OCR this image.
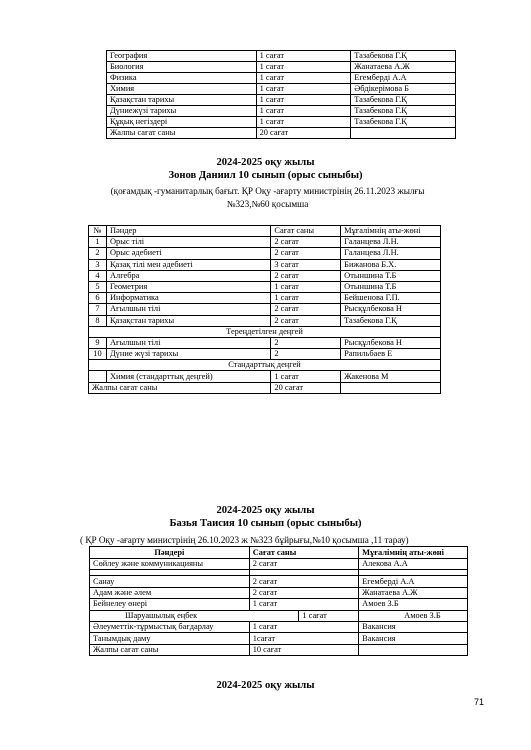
География	1 сағат	Тазабекова Г.Қ
Биология	1 сағат	Жанатаева А.Ж
Физика	1 сағат	Егембердi А.А
Химия	1 сағат	Әбдiкерiмова Б
Қазақстан тарихы	1 сағат	Тазабекова Г.Қ
Дүниежүзі тарихы	1 сағат	Тазабекова Г.Қ
Құқық негіздері	1 сағат	Тазабекова Г.Қ
Жалпы сағат саны	20 сағат	
2024-2025 оқу жылы
Зонов Даниил 10 сынып (орыс сыныбы)
(қоғамдық -гуманитарлық бағыт. ҚР Оқу -ағарту министрінің 26.11.2023 жылғы
№323,№60 қосымша
№	Пәндер	Сағат саны	Мұғалімнің аты-жөні
1	Орыс тілі	2 сағат	Галанцева Л.Н.
2	Орыс әдебиеті	2 сағат	Галанцева Л.Н.
3	Қазақ тілі мен әдебиеті	3 сағат	Бижанова Б.Х.
4	Алгебра	2 сағат	Отыншина Т.Б
5	Геометрия	1 сағат	Отыншина Т.Б
6	Информатика	1 сағат	Бейшенова Г.П.
7	Ағылшын тілі	2 сағат	Рысқұлбекова Н
8	Қазақстан тарихы	2 сағат	Тазабекова Г.Қ
Тереңдетілген деңгей			
9	Ағылшын тілі	2	Рысқұлбекова Н
10	Дүние жүзі тарихы	2	Рапильбаев Е
Стандарттық деңгей			
	Химия (стандарттық деңгей)	1 сағат	Жакенова М
Жалпы сағат саны		20 сағат	
2024-2025 оқу жылы
Базья Таисия 10 сынып (орыс сыныбы)
( ҚР Оқу -ағарту министрінің 26.10.2023 ж №323 бұйрығы,№10 қосымша ,11 тарау)
Пәндері	Сағат саны		Мұғалімнің аты-жөні
Сөйлеу және коммуникацияны	2 сағат		Алекова А.А

Санау	2 сағат		Егембердi А.А
Адам және әлем	2 сағат		Жанатаева А.Ж
Бейнелеу өнері	1 сағат		Амоев З.Б
Шаруашылық еңбек		1 сағат	Амоев З.Б
Әлеуметтік-тұрмыстық бағдарлау	1 сағат		Вакансия
Танымдық даму	1сағат		Вакансия
Жалпы сағат саны	10 сағат		
2024-2025 оқу жылы
71
